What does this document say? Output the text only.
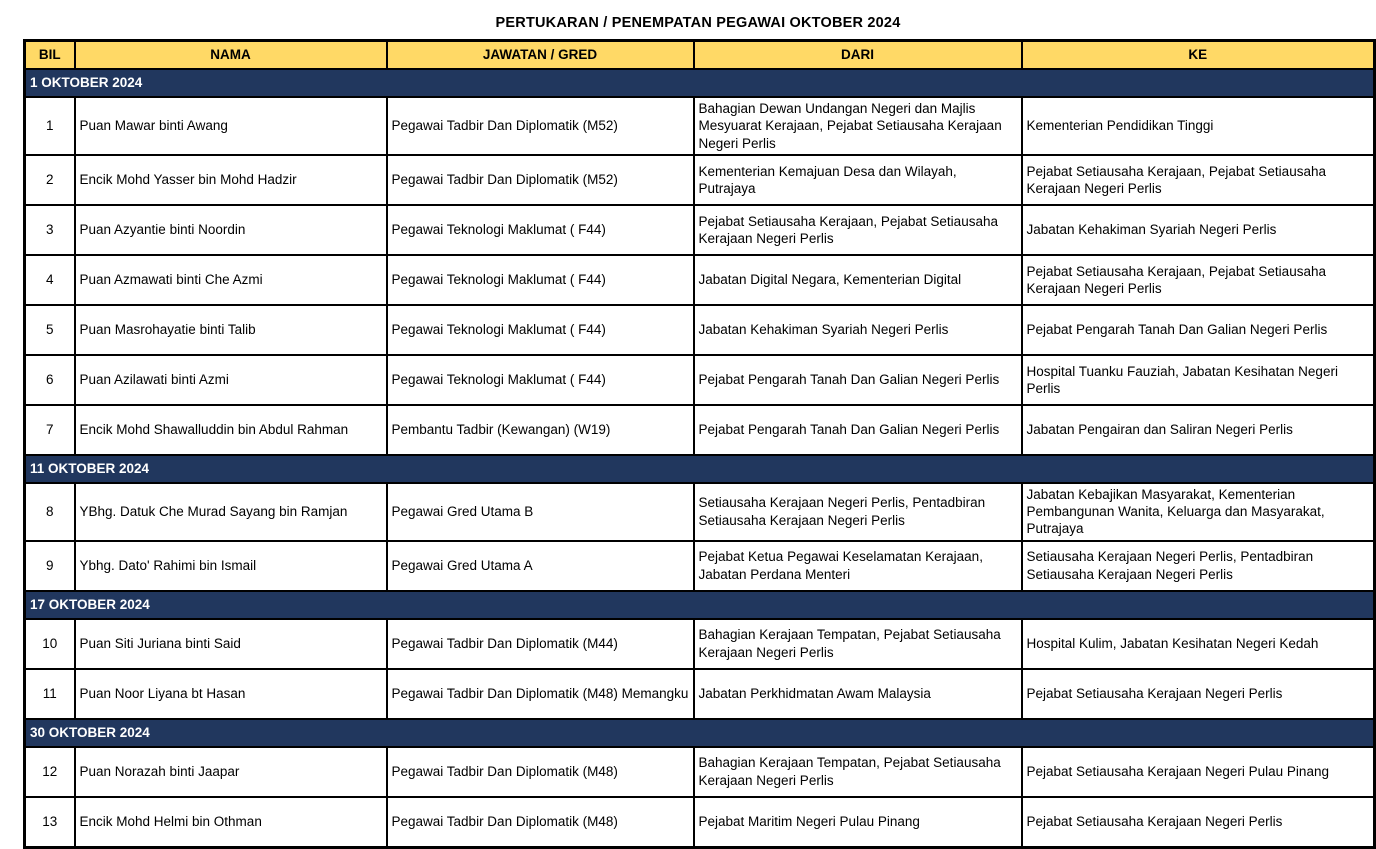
PERTUKARAN / PENEMPATAN PEGAWAI OKTOBER 2024
BIL	NAMA	JAWATAN / GRED	DARI	KE
1 OKTOBER 2024				
1	Puan Mawar binti Awang	Pegawai Tadbir Dan Diplomatik (M52)	Bahagian Dewan Undangan Negeri dan Majlis Mesyuarat Kerajaan, Pejabat Setiausaha Kerajaan Negeri Perlis	Kementerian Pendidikan Tinggi
2	Encik Mohd Yasser bin Mohd Hadzir	Pegawai Tadbir Dan Diplomatik (M52)	Kementerian Kemajuan Desa dan Wilayah, Putrajaya	Pejabat Setiausaha Kerajaan, Pejabat Setiausaha Kerajaan Negeri Perlis
3	Puan Azyantie binti Noordin	Pegawai Teknologi Maklumat ( F44)	Pejabat Setiausaha Kerajaan, Pejabat Setiausaha Kerajaan Negeri Perlis	Jabatan Kehakiman Syariah Negeri Perlis
4	Puan Azmawati binti Che Azmi	Pegawai Teknologi Maklumat ( F44)	Jabatan Digital Negara, Kementerian Digital	Pejabat Setiausaha Kerajaan, Pejabat Setiausaha Kerajaan Negeri Perlis
5	Puan Masrohayatie binti Talib	Pegawai Teknologi Maklumat ( F44)	Jabatan Kehakiman Syariah Negeri Perlis	Pejabat Pengarah Tanah Dan Galian Negeri Perlis
6	Puan Azilawati binti Azmi	Pegawai Teknologi Maklumat ( F44)	Pejabat Pengarah Tanah Dan Galian Negeri Perlis	Hospital Tuanku Fauziah, Jabatan Kesihatan Negeri Perlis
7	Encik Mohd Shawalluddin bin Abdul Rahman	Pembantu Tadbir (Kewangan) (W19)	Pejabat Pengarah Tanah Dan Galian Negeri Perlis	Jabatan Pengairan dan Saliran Negeri Perlis
11 OKTOBER 2024				
8	YBhg. Datuk Che Murad Sayang bin Ramjan	Pegawai Gred Utama B	Setiausaha Kerajaan Negeri Perlis, Pentadbiran Setiausaha Kerajaan Negeri Perlis	Jabatan Kebajikan Masyarakat, Kementerian Pembangunan Wanita, Keluarga dan Masyarakat, Putrajaya
9	Ybhg. Dato' Rahimi bin Ismail	Pegawai Gred Utama A	Pejabat Ketua Pegawai Keselamatan Kerajaan, Jabatan Perdana Menteri	Setiausaha Kerajaan Negeri Perlis, Pentadbiran Setiausaha Kerajaan Negeri Perlis
17 OKTOBER 2024				
10	Puan Siti Juriana binti Said	Pegawai Tadbir Dan Diplomatik (M44)	Bahagian Kerajaan Tempatan, Pejabat Setiausaha Kerajaan Negeri Perlis	Hospital Kulim, Jabatan Kesihatan Negeri Kedah
11	Puan Noor Liyana bt Hasan	Pegawai Tadbir Dan Diplomatik (M48) Memangku	Jabatan Perkhidmatan Awam Malaysia	Pejabat Setiausaha Kerajaan Negeri Perlis
30 OKTOBER 2024				
12	Puan Norazah binti Jaapar	Pegawai Tadbir Dan Diplomatik (M48)	Bahagian Kerajaan Tempatan, Pejabat Setiausaha Kerajaan Negeri Perlis	Pejabat Setiausaha Kerajaan Negeri Pulau Pinang
13	Encik Mohd Helmi bin Othman	Pegawai Tadbir Dan Diplomatik (M48)	Pejabat Maritim Negeri Pulau Pinang	Pejabat Setiausaha Kerajaan Negeri Perlis
